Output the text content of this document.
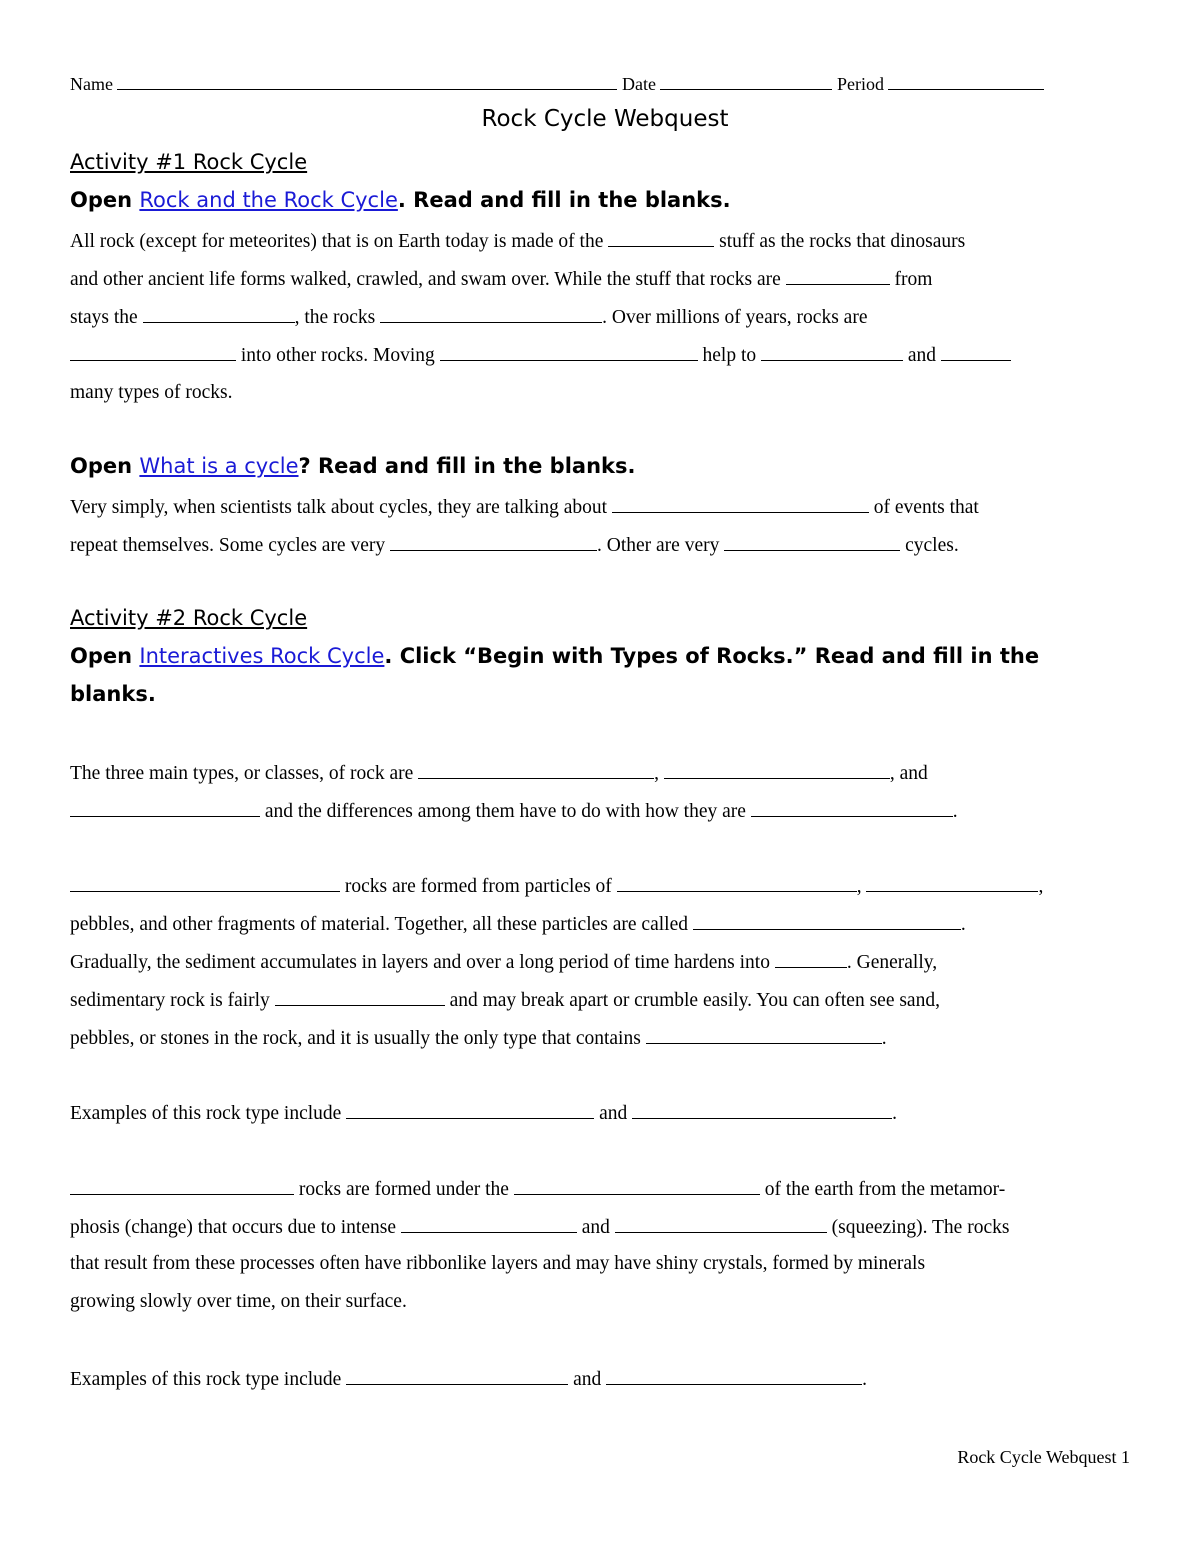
Name	Date	Period
Rock Cycle Webquest
Activity #1 Rock Cycle
Open Rock and the Rock Cycle. Read and fill in the blanks.
All rock (except for meteorites) that is on Earth today is made of the	stuff as the rocks that dinosaurs
and other ancient life forms walked, crawled, and swam over. While the stuff that rocks are	from
stays the	, the rocks	. Over millions of years, rocks are
into other rocks. Moving	help to	and
many types of rocks.
Open What is a cycle? Read and fill in the blanks.
Very simply, when scientists talk about cycles, they are talking about	of events that
repeat themselves. Some cycles are very	. Other are very	cycles.
Activity #2 Rock Cycle
Open Interactives Rock Cycle. Click “Begin with Types of Rocks.” Read and fill in the
blanks.
The three main types, or classes, of rock are	,	, and
and the differences among them have to do with how they are	.
rocks are formed from particles of	,	,
pebbles, and other fragments of material. Together, all these particles are called	.
Gradually, the sediment accumulates in layers and over a long period of time hardens into	. Generally,
sedimentary rock is fairly	and may break apart or crumble easily. You can often see sand,
pebbles, or stones in the rock, and it is usually the only type that contains	.
Examples of this rock type include	and	.
rocks are formed under the	of the earth from the metamor-
phosis (change) that occurs due to intense	and	(squeezing). The rocks
that result from these processes often have ribbonlike layers and may have shiny crystals, formed by minerals
growing slowly over time, on their surface.
Examples of this rock type include	and	.
Rock Cycle Webquest 1
